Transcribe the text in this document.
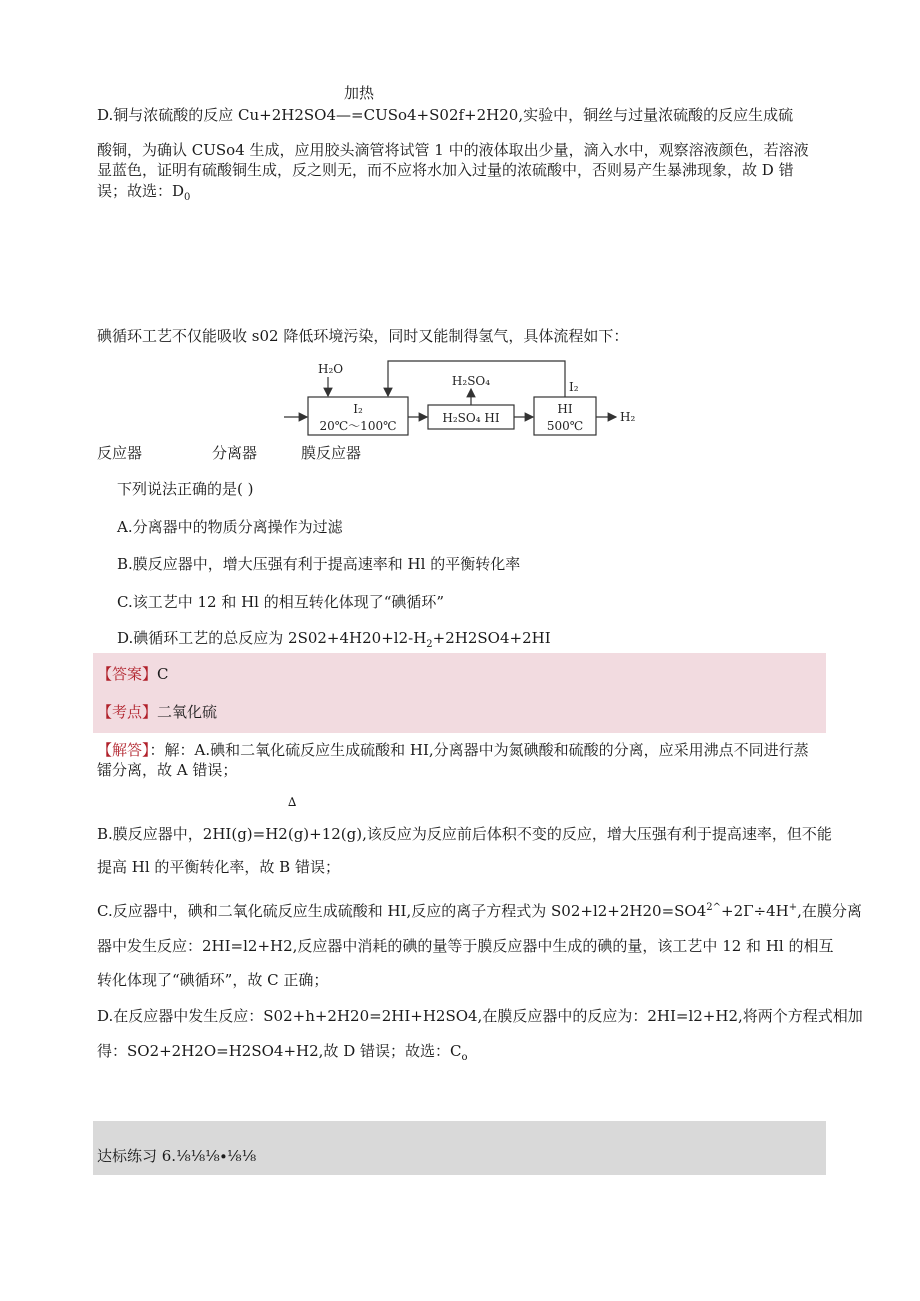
加热
D.铜与浓硫酸的反应 Cu+2H2SO4—=CUSo4+S02f+2H20,实验中，铜丝与过量浓硫酸的反应生成硫
酸铜，为确认 CUSo4 生成，应用胶头滴管将试管 1 中的液体取出少量，滴入水中，观察溶液颜色，若溶液
显蓝色，证明有硫酸铜生成，反之则无，而不应将水加入过量的浓硫酸中，否则易产生暴沸现象，故 D 错
误；故选：$D_0$
碘循环工艺不仅能吸收 s02 降低环境污染，同时又能制得氢气，具体流程如下：
I₂
20℃～100℃
H₂O
H₂SO₄ HI
H₂SO₄
HI
500℃
H₂
I₂
反应器	分离器	膜反应器
下列说法正确的是( )
A.分离器中的物质分离操作为过滤
B.膜反应器中，增大压强有利于提高速率和 Hl 的平衡转化率
C.该工艺中 12 和 Hl 的相互转化体现了“碘循环”
D.碘循环工艺的总反应为 $2S02+4H20+l2-H_2+2H2SO4+2HI$
【答案】C
【考点】二氧化硫
【解答】：解：A.碘和二氧化硫反应生成硫酸和 HI,分离器中为氮碘酸和硫酸的分离，应采用沸点不同进行蒸
镭分离，故 A 错误；
∆
B.膜反应器中，2HI(g)=H2(g)+12(g),该反应为反应前后体积不变的反应，增大压强有利于提高速率，但不能
提高 Hl 的平衡转化率，故 B 错误；
C.反应器中，碘和二氧化硫反应生成硫酸和 HI,反应的离子方程式为 $S02+l2+2H20=SO4^{2\^{}}+2\Gamma\div 4H^+$,在膜分离
器中发生反应：2HI=l2+H2,反应器中消耗的碘的量等于膜反应器中生成的碘的量，该工艺中 12 和 Hl 的相互
转化体现了“碘循环”，故 C 正确；
D.在反应器中发生反应：S02+h+2H20=2HI+H2SO4,在膜反应器中的反应为：2HI=l2+H2,将两个方程式相加
得：SO2+2H2O=H2SO4+H2,故 D 错误；故选：$C_o$
达标练习 6.⅛⅛⅛∙⅛⅛
